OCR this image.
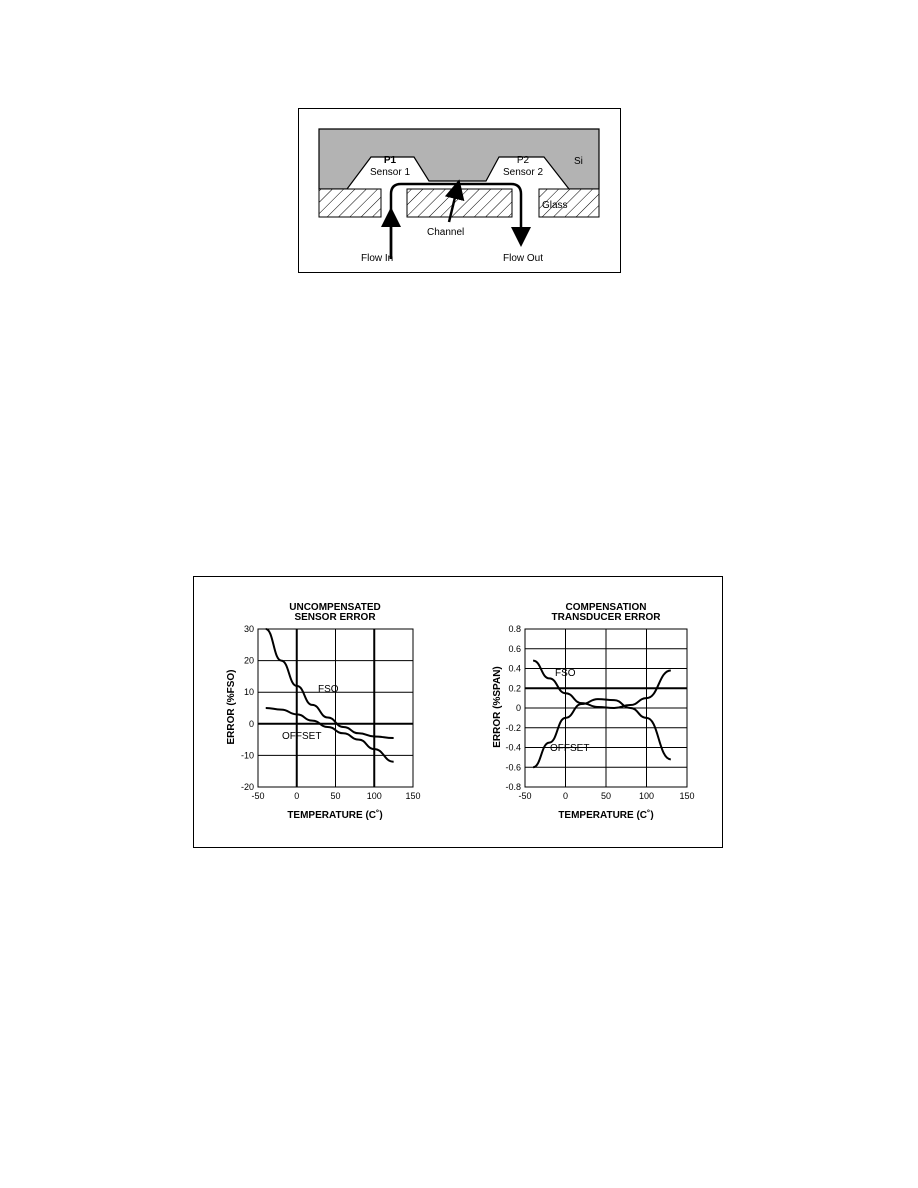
P1
Sensor 1
P2
Sensor 2
Si
Glass
Channel
Flow In	Flow Out
UNCOMPENSATED
SENSOR ERROR
TEMPERATURE (C˚)
ERROR (%FSO)
-50	0	50	100	150
30
20
10
0
-10
-20
FSO
OFFSET
COMPENSATION
TRANSDUCER ERROR
TEMPERATURE (C˚)
ERROR (%SPAN)
-50	0	50	100	150
0.8
0.6
0.4
0.2
0
-0.2
-0.4
-0.6
-0.8
FSO
OFFSET
